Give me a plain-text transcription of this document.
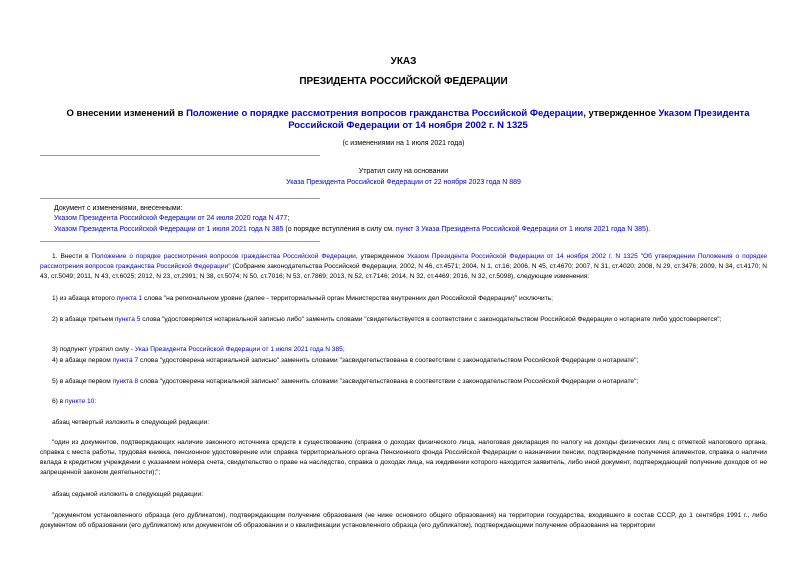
УКАЗ
ПРЕЗИДЕНТА РОССИЙСКОЙ ФЕДЕРАЦИИ
О внесении изменений в Положение о порядке рассмотрения вопросов гражданства Российской Федерации, утвержденное Указом Президента Российской Федерации от 14 ноября 2002 г. N 1325
(с изменениями на 1 июля 2021 года)
Утратил силу на основании
Указа Президента Российской Федерации от 22 ноября 2023 года N 889
Документ с изменениями, внесенными:
Указом Президента Российской Федерации от 24 июля 2020 года N 477;
Указом Президента Российской Федерации от 1 июля 2021 года N 385 (о порядке вступления в силу см. пункт 3 Указа Президента Российской Федерации от 1 июля 2021 года N 385).
1. Внести в Положение о порядке рассмотрения вопросов гражданства Российской Федерации, утвержденное Указом Президента Российской Федерации от 14 ноября 2002 г. N 1325 "Об утверждении Положения о порядке рассмотрения вопросов гражданства Российской Федерации" (Собрание законодательства Российской Федерации, 2002, N 46, ст.4571; 2004, N 1, ст.16; 2006, N 45, ст.4670; 2007, N 31, ст.4020; 2008, N 29, ст.3476; 2009, N 34, ст.4170; N 43, ст.5049; 2011, N 43, ст.6025; 2012, N 23, ст.2991; N 38, ст.5074; N 50, ст.7016; N 53, ст.7869; 2013, N 52, ст.7146; 2014, N 32, ст.4469; 2016, N 32, ст.5098), следующие изменения:
1) из абзаца второго пункта 1 слова "на региональном уровне (далее - территориальный орган Министерства внутренних дел Российской Федерации)" исключить;
2) в абзаце третьем пункта 5 слова "удостоверяется нотариальной записью либо" заменить словами "свидетельствуется в соответствии с законодательством Российской Федерации о нотариате либо удостоверяется";
3) подпункт утратил силу - Указ Президента Российской Федерации от 1 июля 2021 года N 385;
4) в абзаце первом пункта 7 слова "удостоверена нотариальной записью" заменить словами "засвидетельствована в соответствии с законодательством Российской Федерации о нотариате";
5) в абзаце первом пункта 8 слова "удостоверена нотариальной записью" заменить словами "засвидетельствована в соответствии с законодательством Российской Федерации о нотариате";
6) в пункте 10:
абзац четвертый изложить в следующей редакции:
"один из документов, подтверждающих наличие законного источника средств к существованию (справка о доходах физического лица, налоговая декларация по налогу на доходы физических лиц с отметкой налогового органа, справка с места работы, трудовая книжка, пенсионное удостоверение или справка территориального органа Пенсионного фонда Российской Федерации о назначении пенсии, подтверждение получения алиментов, справка о наличии вклада в кредитном учреждении с указанием номера счета, свидетельство о праве на наследство, справка о доходах лица, на иждивении которого находится заявитель, либо иной документ, подтверждающий получение доходов от не запрещенной законом деятельности);";
абзац седьмой изложить в следующей редакции:
"документом установленного образца (его дубликатом), подтверждающим получение образования (не ниже основного общего образования) на территории государства, входившего в состав СССР, до 1 сентября 1991 г., либо документом об образовании (его дубликатом) или документом об образовании и о квалификации установленного образца (его дубликатом), подтверждающими получение образования на территории
